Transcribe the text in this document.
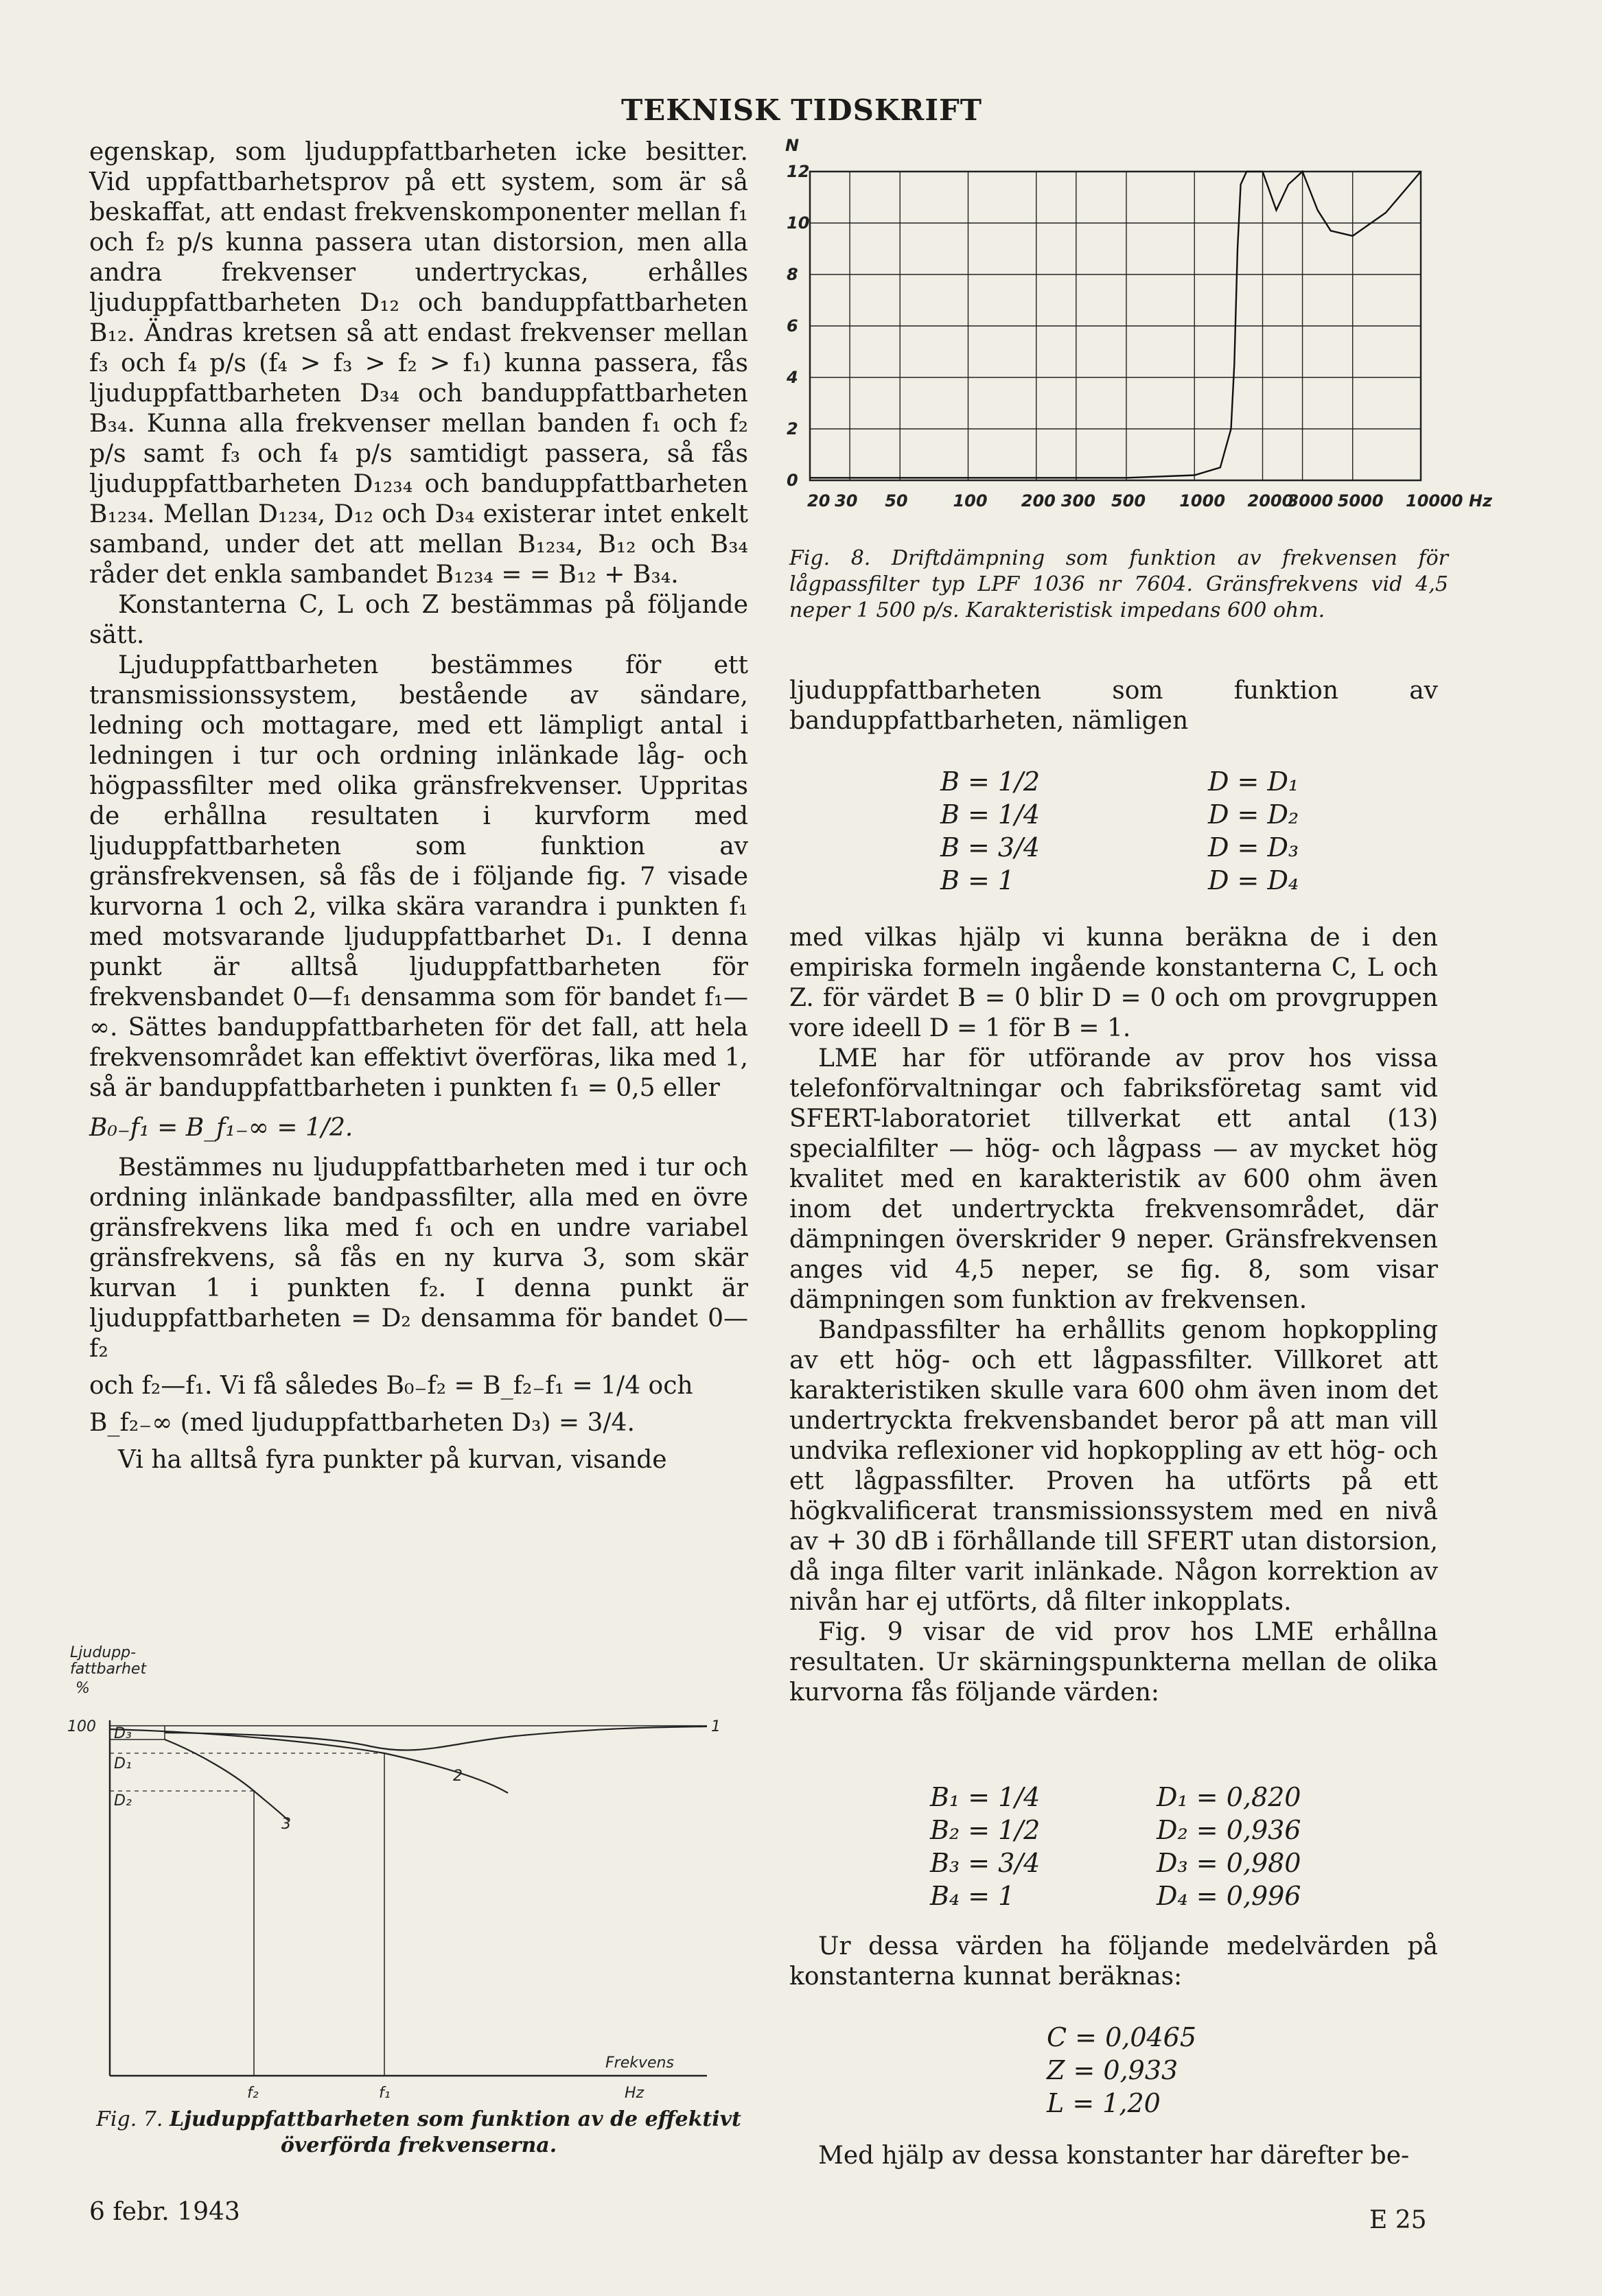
TEKNISK TIDSKRIFT

egenskap, som ljuduppfattbarheten icke besitter. Vid uppfattbarhetsprov på ett system, som är så beskaffat, att endast frekvenskomponenter mellan f₁ och f₂ p/s kunna passera utan distorsion, men alla andra frekvenser undertryckas, erhålles ljuduppfattbarheten D₁₂ och banduppfattbarheten B₁₂. Ändras kretsen så att endast frekvenser mellan f₃ och f₄ p/s (f₄ > f₃ > f₂ > f₁) kunna passera, fås ljuduppfattbarheten D₃₄ och banduppfattbarheten B₃₄. Kunna alla frekvenser mellan banden f₁ och f₂ p/s samt f₃ och f₄ p/s samtidigt passera, så fås ljuduppfattbarheten D₁₂₃₄ och banduppfattbarheten B₁₂₃₄. Mellan D₁₂₃₄, D₁₂ och D₃₄ existerar intet enkelt samband, under det att mellan B₁₂₃₄, B₁₂ och B₃₄ råder det enkla sambandet B₁₂₃₄ = = B₁₂ + B₃₄.

Konstanterna C, L och Z bestämmas på följande sätt.

Ljuduppfattbarheten bestämmes för ett transmissionssystem, bestående av sändare, ledning och mottagare, med ett lämpligt antal i ledningen i tur och ordning inlänkade låg- och högpassfilter med olika gränsfrekvenser. Uppritas de erhållna resultaten i kurvform med ljuduppfattbarheten som funktion av gränsfrekvensen, så fås de i följande fig. 7 visade kurvorna 1 och 2, vilka skära varandra i punkten f₁ med motsvarande ljuduppfattbarhet D₁. I denna punkt är alltså ljuduppfattbarheten för frekvensbandet 0—f₁ densamma som för bandet f₁—∞. Sättes banduppfattbarheten för det fall, att hela frekvensområdet kan effektivt överföras, lika med 1, så är banduppfattbarheten i punkten f₁ = 0,5 eller

B₀₋f₁ = B_f₁₋∞ = 1/2.

Bestämmes nu ljuduppfattbarheten med i tur och ordning inlänkade bandpassfilter, alla med en övre gränsfrekvens lika med f₁ och en undre variabel gränsfrekvens, så fås en ny kurva 3, som skär kurvan 1 i punkten f₂. I denna punkt är ljuduppfattbarheten = D₂ densamma för bandet 0—f₂

och f₂—f₁. Vi få således B₀₋f₂ = B_f₂₋f₁ = 1/4 och

B_f₂₋∞ (med ljuduppfattbarheten D₃) = 3/4.

Vi ha alltså fyra punkter på kurvan, visande

Ljudupp-
fattbarhet
%
100 D₃
D₁
D₂
1
2
3
f₂	f₁
Frekvens
Hz
Fig. 7. Ljuduppfattbarheten som funktion av de effektivt överförda frekvenserna.
6 febr. 1943
N
12
10
8
6
4
2
0
20 30 50	100 200 300 500 1000 2000
3000 5000 10000 Hz
Fig. 8. Driftdämpning som funktion av frekvensen för lågpassfilter typ LPF 1036 nr 7604. Gränsfrekvens vid 4,5 neper 1 500 p/s. Karakteristisk impedans 600 ohm.

ljuduppfattbarheten som funktion av banduppfattbarheten, nämligen

B = 1/2	D = D₁
B = 1/4	D = D₂
B = 3/4	D = D₃
B = 1	D = D₄

med vilkas hjälp vi kunna beräkna de i den empiriska formeln ingående konstanterna C, L och Z. för värdet B = 0 blir D = 0 och om provgruppen vore ideell D = 1 för B = 1.

LME har för utförande av prov hos vissa telefonförvaltningar och fabriksföretag samt vid SFERT-laboratoriet tillverkat ett antal (13) specialfilter — hög- och lågpass — av mycket hög kvalitet med en karakteristik av 600 ohm även inom det undertryckta frekvensområdet, där dämpningen överskrider 9 neper. Gränsfrekvensen anges vid 4,5 neper, se fig. 8, som visar dämpningen som funktion av frekvensen.

Bandpassfilter ha erhållits genom hopkoppling av ett hög- och ett lågpassfilter. Villkoret att karakteristiken skulle vara 600 ohm även inom det undertryckta frekvensbandet beror på att man vill undvika reflexioner vid hopkoppling av ett hög- och ett lågpassfilter. Proven ha utförts på ett högkvalificerat transmissionssystem med en nivå av + 30 dB i förhållande till SFERT utan distorsion, då inga filter varit inlänkade. Någon korrektion av nivån har ej utförts, då filter inkopplats.

Fig. 9 visar de vid prov hos LME erhållna resultaten. Ur skärningspunkterna mellan de olika kurvorna fås följande värden:

B₁ = 1/4	D₁ = 0,820
B₂ = 1/2	D₂ = 0,936
B₃ = 3/4	D₃ = 0,980
B₄ = 1	D₄ = 0,996

Ur dessa värden ha följande medelvärden på konstanterna kunnat beräknas:

C = 0,0465
Z = 0,933
L = 1,20

Med hjälp av dessa konstanter har därefter be-

E 25
